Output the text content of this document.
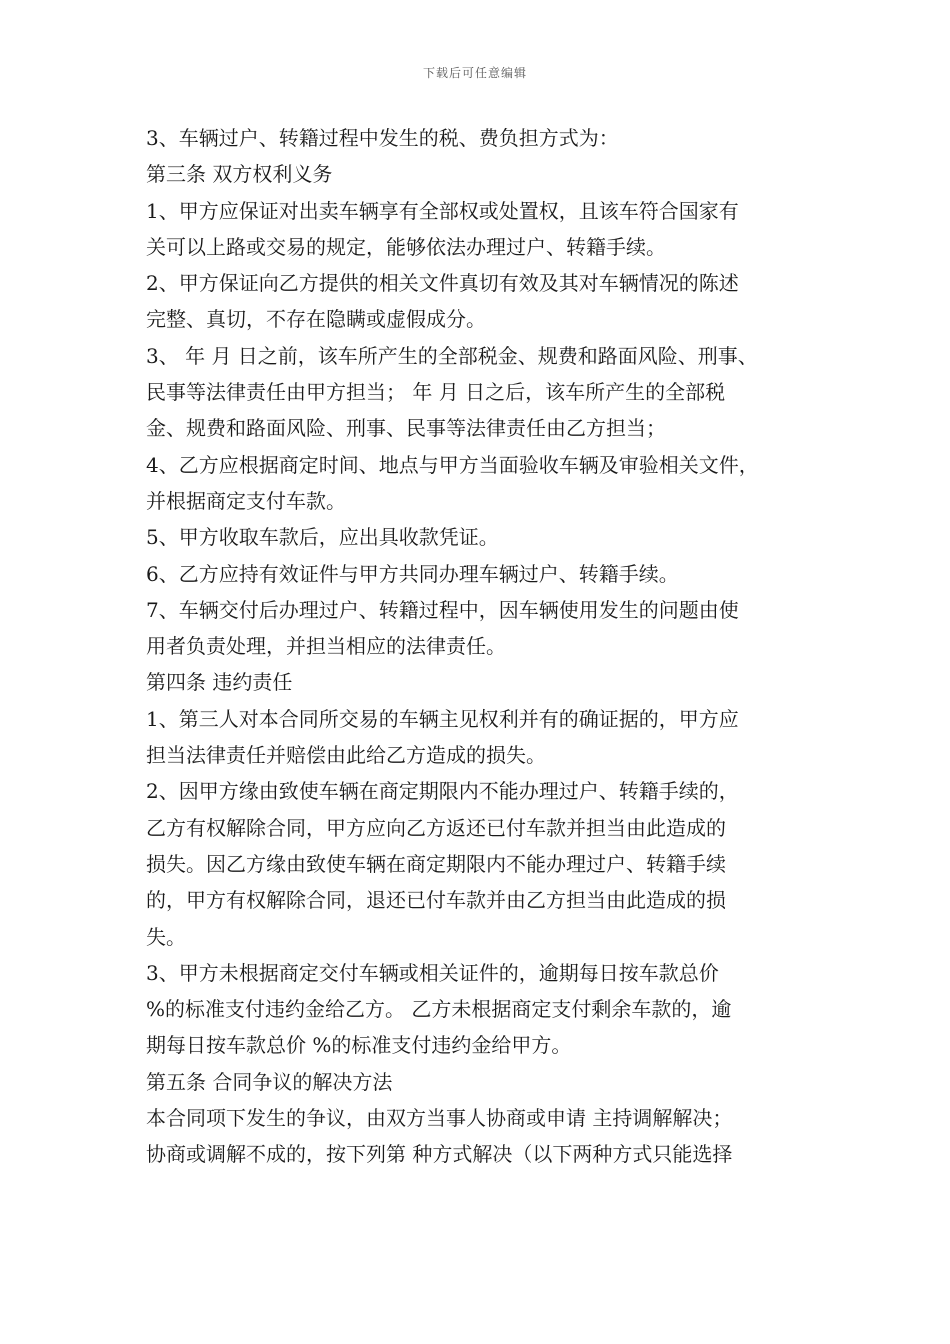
下载后可任意编辑
3、车辆过户、转籍过程中发生的税、费负担方式为：
第三条 双方权利义务
1、甲方应保证对出卖车辆享有全部权或处置权，且该车符合国家有
关可以上路或交易的规定，能够依法办理过户、转籍手续。
2、甲方保证向乙方提供的相关文件真切有效及其对车辆情况的陈述
完整、真切，不存在隐瞒或虚假成分。
3、 年 月 日之前，该车所产生的全部税金、规费和路面风险、刑事、
民事等法律责任由甲方担当； 年 月 日之后，该车所产生的全部税
金、规费和路面风险、刑事、民事等法律责任由乙方担当；
4、乙方应根据商定时间、地点与甲方当面验收车辆及审验相关文件，
并根据商定支付车款。
5、甲方收取车款后，应出具收款凭证。
6、乙方应持有效证件与甲方共同办理车辆过户、转籍手续。
7、车辆交付后办理过户、转籍过程中，因车辆使用发生的问题由使
用者负责处理，并担当相应的法律责任。
第四条 违约责任
1、第三人对本合同所交易的车辆主见权利并有的确证据的，甲方应
担当法律责任并赔偿由此给乙方造成的损失。
2、因甲方缘由致使车辆在商定期限内不能办理过户、转籍手续的，
乙方有权解除合同，甲方应向乙方返还已付车款并担当由此造成的
损失。因乙方缘由致使车辆在商定期限内不能办理过户、转籍手续
的，甲方有权解除合同，退还已付车款并由乙方担当由此造成的损
失。
3、甲方未根据商定交付车辆或相关证件的，逾期每日按车款总价
%的标准支付违约金给乙方。 乙方未根据商定支付剩余车款的，逾
期每日按车款总价 %的标准支付违约金给甲方。
第五条 合同争议的解决方法
本合同项下发生的争议，由双方当事人协商或申请 主持调解解决；
协商或调解不成的，按下列第 种方式解决（以下两种方式只能选择
